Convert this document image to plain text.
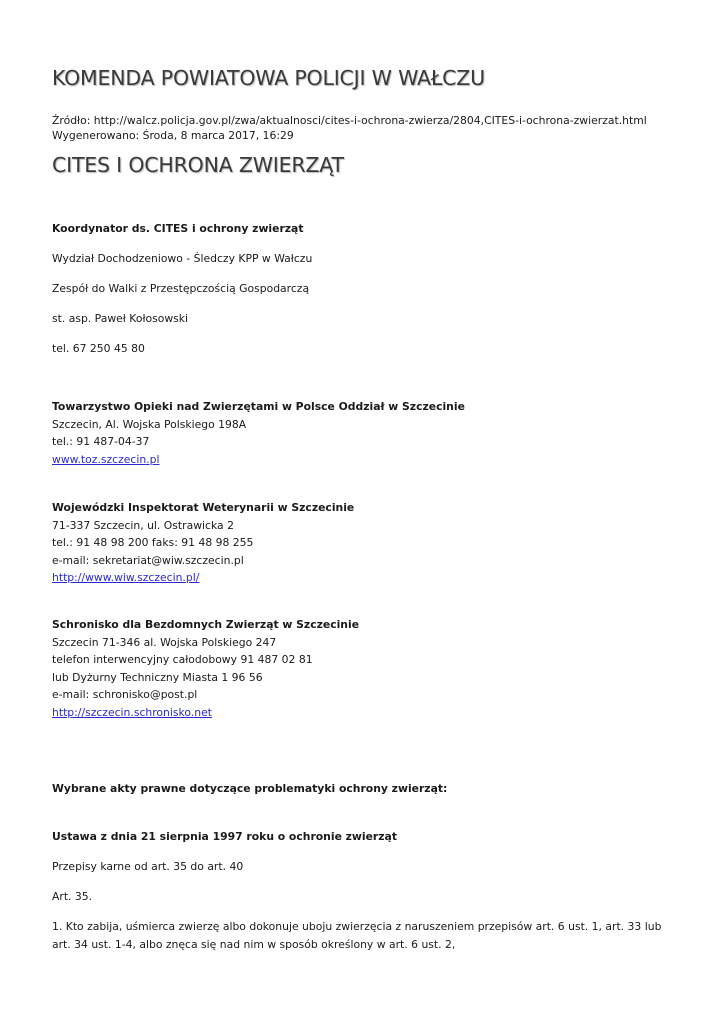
KOMENDA POWIATOWA POLICJI W WAŁCZU
Źródło: http://walcz.policja.gov.pl/zwa/aktualnosci/cites-i-ochrona-zwierza/2804,CITES-i-ochrona-zwierzat.html
Wygenerowano: Środa, 8 marca 2017, 16:29
CITES I OCHRONA ZWIERZĄT
Koordynator ds. CITES i ochrony zwierząt
Wydział Dochodzeniowo - Śledczy KPP w Wałczu
Zespół do Walki z Przestępczością Gospodarczą
st. asp. Paweł Kołosowski
tel. 67 250 45 80
Towarzystwo Opieki nad Zwierzętami w Polsce Oddział w Szczecinie
Szczecin, Al. Wojska Polskiego 198A
tel.: 91 487-04-37
www.toz.szczecin.pl
Wojewódzki Inspektorat Weterynarii w Szczecinie
71-337 Szczecin, ul. Ostrawicka 2
tel.: 91 48 98 200 faks: 91 48 98 255
e-mail: sekretariat@wiw.szczecin.pl
http://www.wiw.szczecin.pl/
Schronisko dla Bezdomnych Zwierząt w Szczecinie
Szczecin 71-346 al. Wojska Polskiego 247
telefon interwencyjny całodobowy 91 487 02 81
lub Dyżurny Techniczny Miasta 1 96 56
e-mail: schronisko@post.pl
http://szczecin.schronisko.net
Wybrane akty prawne dotyczące problematyki ochrony zwierząt:
Ustawa z dnia 21 sierpnia 1997 roku o ochronie zwierząt
Przepisy karne od art. 35 do art. 40
Art. 35.
1. Kto zabija, uśmierca zwierzę albo dokonuje uboju zwierzęcia z naruszeniem przepisów art. 6 ust. 1, art. 33 lub art. 34 ust. 1-4, albo znęca się nad nim w sposób określony w art. 6 ust. 2,
